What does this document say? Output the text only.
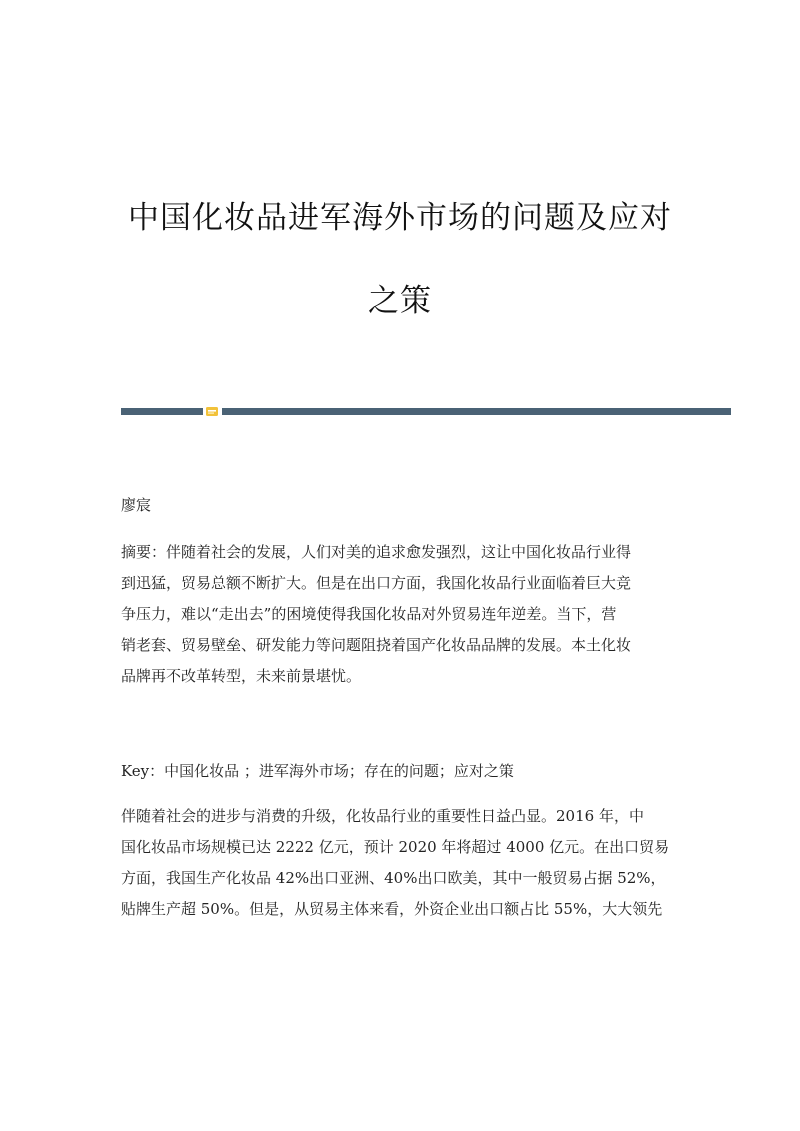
中国化妆品进军海外市场的问题及应对
之策
廖宸
摘要：伴随着社会的发展，人们对美的追求愈发强烈，这让中国化妆品行业得
到迅猛，贸易总额不断扩大。但是在出口方面，我国化妆品行业面临着巨大竞
争压力，难以“走出去”的困境使得我国化妆品对外贸易连年逆差。当下，营
销老套、贸易壁垒、研发能力等问题阻挠着国产化妆品品牌的发展。本土化妆
品牌再不改革转型，未来前景堪忧。
Key：中国化妆品 ；进军海外市场；存在的问题；应对之策
伴随着社会的进步与消费的升级，化妆品行业的重要性日益凸显。2016 年，中
国化妆品市场规模已达 2222 亿元，预计 2020 年将超过 4000 亿元。在出口贸易
方面，我国生产化妆品 42%出口亚洲、40%出口欧美，其中一般贸易占据 52%，
贴牌生产超 50%。但是，从贸易主体来看，外资企业出口额占比 55%，大大领先
